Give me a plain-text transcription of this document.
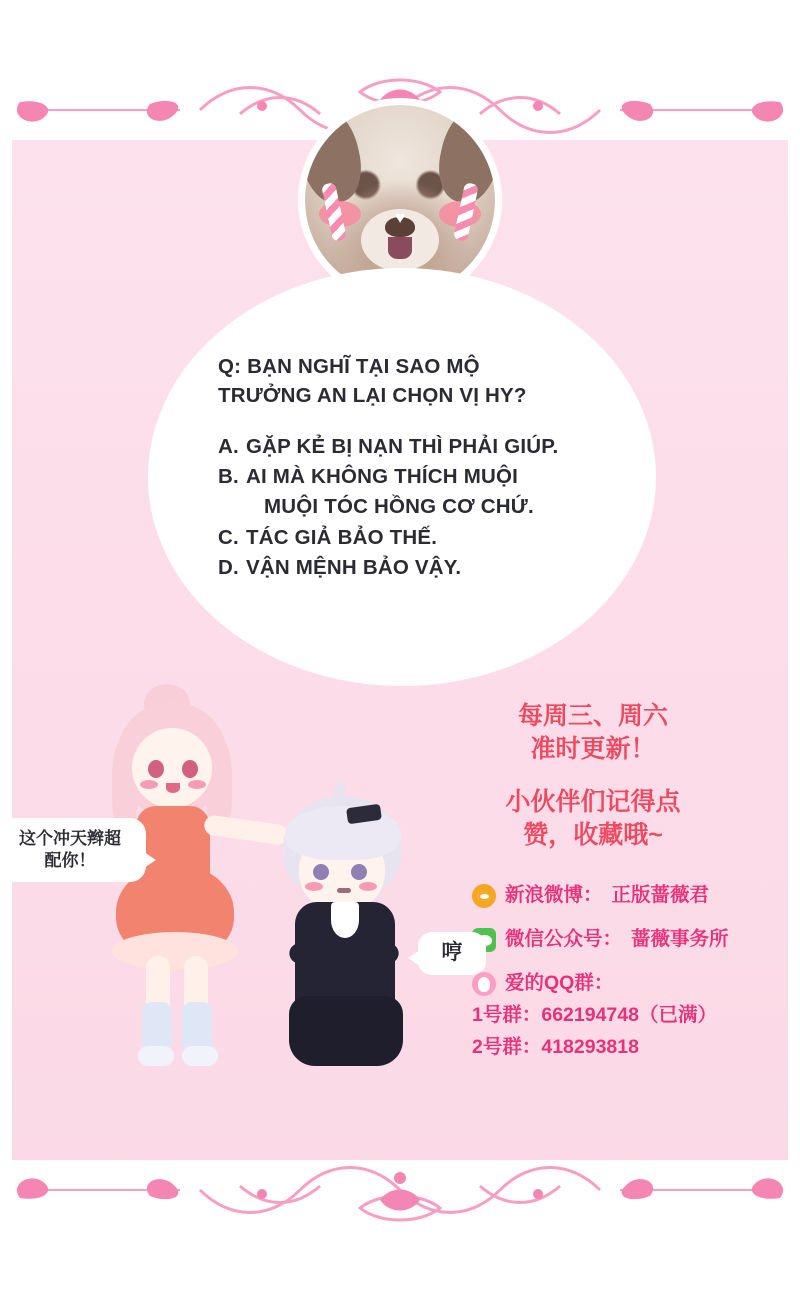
♥
Q: BẠN NGHĨ TẠI SAO MỘ
TRƯỞNG AN LẠI CHỌN VỊ HY?
A. GẶP KẺ BỊ NẠN THÌ PHẢI GIÚP.
B. AI MÀ KHÔNG THÍCH MUỘI
MUỘI TÓC HỒNG CƠ CHỨ.
C. TÁC GIẢ BẢO THẾ.
D. VẬN MỆNH BẢO VẬY.
每周三、周六
准时更新！
小伙伴们记得点
赞，收藏哦~
新浪微博： 正版蔷薇君
微信公众号： 蔷薇事务所
爱的QQ群：
1号群：662194748（已满）
2号群：418293818
这个冲天辫超
配你！
哼
